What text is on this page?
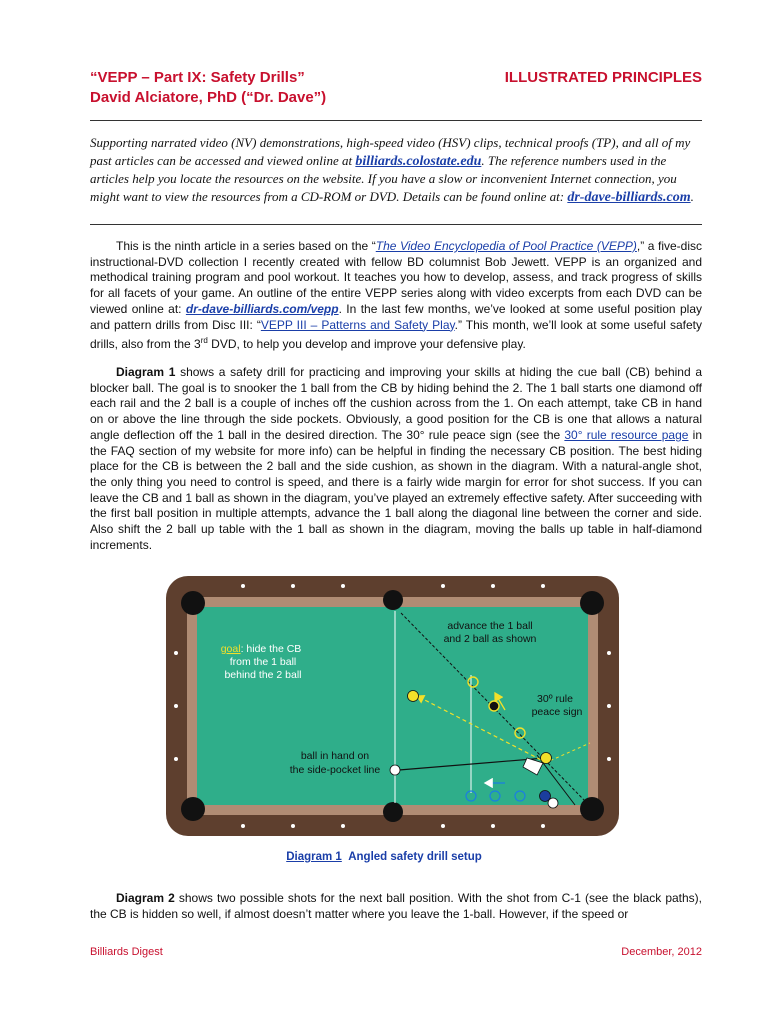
“VEPP – Part IX: Safety Drills”
David Alciatore, PhD (“Dr. Dave”)
ILLUSTRATED PRINCIPLES
Supporting narrated video (NV) demonstrations, high-speed video (HSV) clips, technical proofs (TP), and all of my past articles can be accessed and viewed online at billiards.colostate.edu. The reference numbers used in the articles help you locate the resources on the website. If you have a slow or inconvenient Internet connection, you might want to view the resources from a CD-ROM or DVD. Details can be found online at: dr-dave-billiards.com.
This is the ninth article in a series based on the “The Video Encyclopedia of Pool Practice (VEPP),” a five-disc instructional-DVD collection I recently created with fellow BD columnist Bob Jewett. VEPP is an organized and methodical training program and pool workout. It teaches you how to develop, assess, and track progress of skills for all facets of your game. An outline of the entire VEPP series along with video excerpts from each DVD can be viewed online at: dr-dave-billiards.com/vepp. In the last few months, we’ve looked at some useful position play and pattern drills from Disc III: “VEPP III – Patterns and Safety Play.” This month, we’ll look at some useful safety drills, also from the 3rd DVD, to help you develop and improve your defensive play.
Diagram 1 shows a safety drill for practicing and improving your skills at hiding the cue ball (CB) behind a blocker ball. The goal is to snooker the 1 ball from the CB by hiding behind the 2. The 1 ball starts one diamond off each rail and the 2 ball is a couple of inches off the cushion across from the 1. On each attempt, take CB in hand on or above the line through the side pockets. Obviously, a good position for the CB is one that allows a natural angle deflection off the 1 ball in the desired direction. The 30° rule peace sign (see the 30° rule resource page in the FAQ section of my website for more info) can be helpful in finding the necessary CB position. The best hiding place for the CB is between the 2 ball and the side cushion, as shown in the diagram. With a natural-angle shot, the only thing you need to control is speed, and there is a fairly wide margin for error for shot success. If you can leave the CB and 1 ball as shown in the diagram, you’ve played an extremely effective safety. After succeeding with the first ball position in multiple attempts, advance the 1 ball along the diagonal line between the corner and side. Also shift the 2 ball up table with the 1 ball as shown in the diagram, moving the balls up table in half-diamond increments.
goal: hide the CB
from the 1 ball
behind the 2 ball
advance the 1 ball
and 2 ball as shown
30º rule
peace sign
ball in hand on
the side-pocket line
Diagram 1 Angled safety drill setup
Diagram 2 shows two possible shots for the next ball position. With the shot from C-1 (see the black paths), the CB is hidden so well, if almost doesn’t matter where you leave the 1-ball. However, if the speed or
Billiards Digest	December, 2012
